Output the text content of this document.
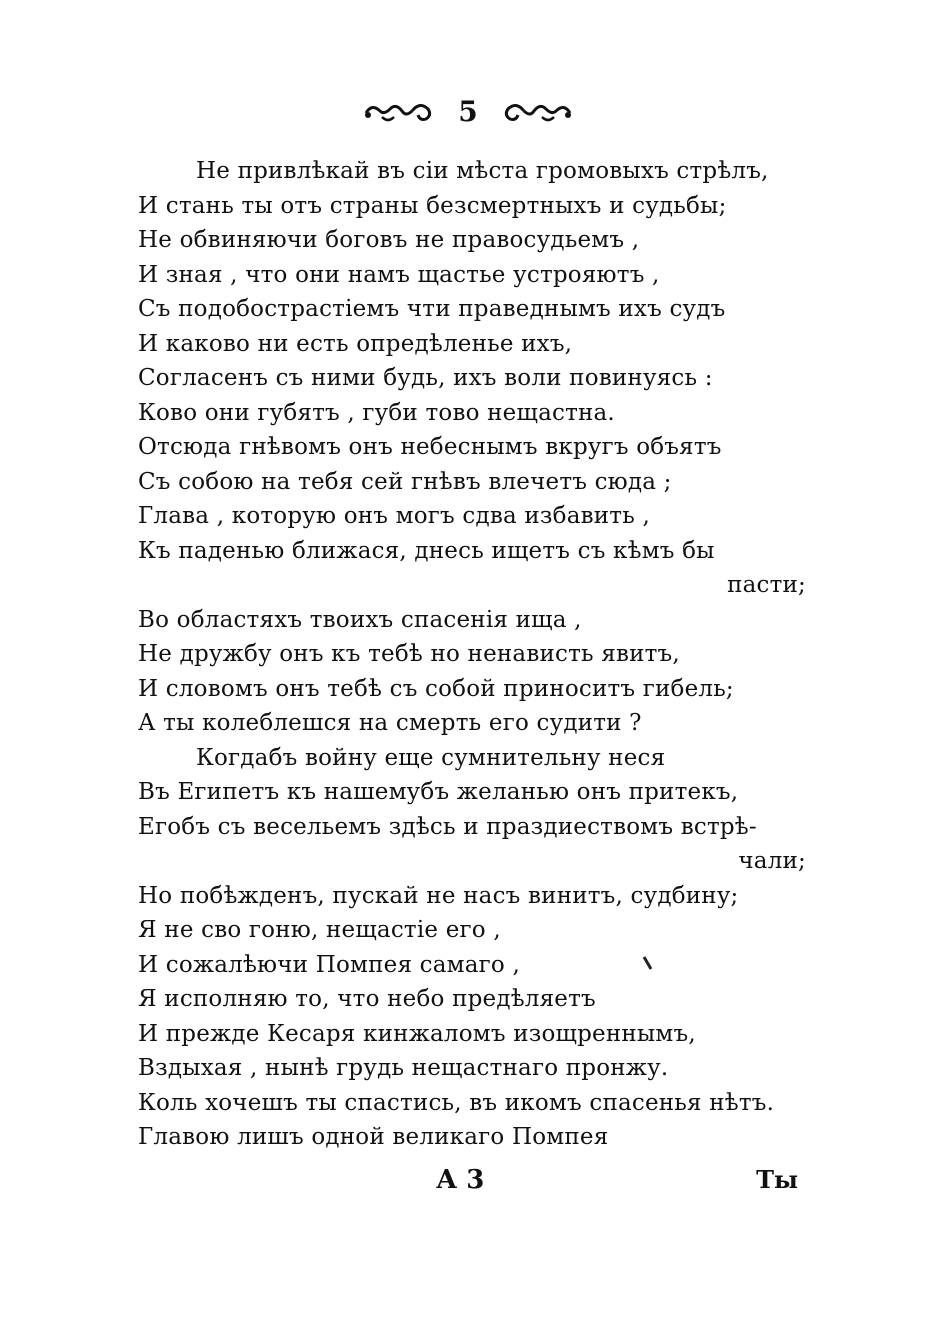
5
Не привлѣкай въ сіи мѣста громовыхъ стрѣлъ,
И стань ты отъ страны безсмертныхъ и судьбы;
Не обвиняючи боговъ не правосудьемъ ,
И зная , что они намъ щастье устрояютъ ,
Съ подобострастіемъ чти праведнымъ ихъ судъ
И каково ни есть опредѣленье ихъ,
Согласенъ съ ними будь, ихъ воли повинуясь :
Ково они губятъ , губи тово нещастна.
Отсюда гнѣвомъ онъ небеснымъ вкругъ объятъ
Съ собою на тебя сей гнѣвъ влечетъ сюда ;
Глава , которую онъ могъ сдва избавить ,
Къ паденью ближася, днесь ищетъ съ кѣмъ бы
пасти;
Во областяхъ твоихъ спасенія ища ,
Не дружбу онъ къ тебѣ но ненависть явитъ,
И словомъ онъ тебѣ съ собой приноситъ гибель;
А ты колеблешся на смерть его судити ?
Когдабъ войну еще сумнительну неся
Въ Египетъ къ нашемубъ желанью онъ притекъ,
Егобъ съ весельемъ здѣсь и праздиествомъ встрѣ-
чали;
Но побѣжденъ, пускай не насъ винитъ, судбину;
Я не сво гоню, нещастіе его ,
И сожалѣючи Помпея самаго ,
Я исполняю то, что небо предѣляетъ
И прежде Кесаря кинжаломъ изощреннымъ,
Вздыхая , нынѣ грудь нещастнаго пронжу.
Коль хочешъ ты спастись, въ икомъ спасенья нѣтъ.
Главою лишъ одной великаго Помпея
А 3	Ты
